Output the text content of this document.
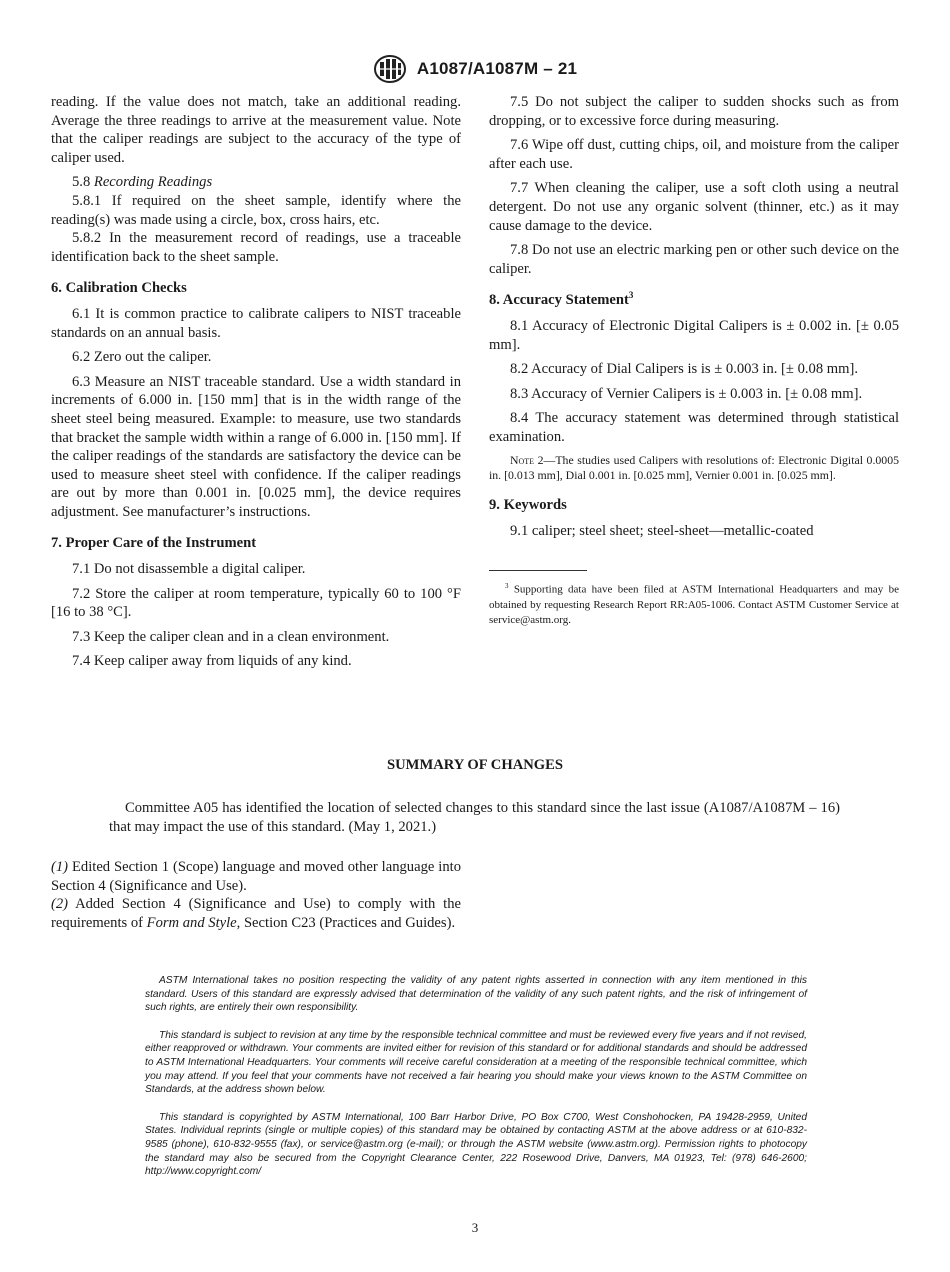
A1087/A1087M – 21

reading. If the value does not match, take an additional reading. Average the three readings to arrive at the measurement value. Note that the caliper readings are subject to the accuracy of the type of caliper used.

5.8 Recording Readings

5.8.1 If required on the sheet sample, identify where the reading(s) was made using a circle, box, cross hairs, etc.

5.8.2 In the measurement record of readings, use a traceable identification back to the sheet sample.

6. Calibration Checks

6.1 It is common practice to calibrate calipers to NIST traceable standards on an annual basis.

6.2 Zero out the caliper.

6.3 Measure an NIST traceable standard. Use a width standard in increments of 6.000 in. [150 mm] that is in the width range of the sheet steel being measured. Example: to measure, use two standards that bracket the sample width within a range of 6.000 in. [150 mm]. If the caliper readings of the standards are satisfactory the device can be used to measure sheet steel with confidence. If the caliper readings are out by more than 0.001 in. [0.025 mm], the device requires adjustment. See manufacturer’s instructions.

7. Proper Care of the Instrument

7.1 Do not disassemble a digital caliper.

7.2 Store the caliper at room temperature, typically 60 to 100 °F [16 to 38 °C].

7.3 Keep the caliper clean and in a clean environment.

7.4 Keep caliper away from liquids of any kind.

7.5 Do not subject the caliper to sudden shocks such as from dropping, or to excessive force during measuring.

7.6 Wipe off dust, cutting chips, oil, and moisture from the caliper after each use.

7.7 When cleaning the caliper, use a soft cloth using a neutral detergent. Do not use any organic solvent (thinner, etc.) as it may cause damage to the device.

7.8 Do not use an electric marking pen or other such device on the caliper.

8. Accuracy Statement$^3$

8.1 Accuracy of Electronic Digital Calipers is ± 0.002 in. [± 0.05 mm].

8.2 Accuracy of Dial Calipers is is ± 0.003 in. [± 0.08 mm].

8.3 Accuracy of Vernier Calipers is ± 0.003 in. [± 0.08 mm].

8.4 The accuracy statement was determined through statistical examination.

Note 2—The studies used Calipers with resolutions of: Electronic Digital 0.0005 in. [0.013 mm], Dial 0.001 in. [0.025 mm], Vernier 0.001 in. [0.025 mm].

9. Keywords

9.1 caliper; steel sheet; steel-sheet—metallic-coated

$^3$ Supporting data have been filed at ASTM International Headquarters and may be obtained by requesting Research Report RR:A05-1006. Contact ASTM Customer Service at service@astm.org.

SUMMARY OF CHANGES
Committee A05 has identified the location of selected changes to this standard since the last issue (A1087/A1087M – 16) that may impact the use of this standard. (May 1, 2021.)

(1) Edited Section 1 (Scope) language and moved other language into Section 4 (Significance and Use).

(2) Added Section 4 (Significance and Use) to comply with the requirements of Form and Style, Section C23 (Practices and Guides).

ASTM International takes no position respecting the validity of any patent rights asserted in connection with any item mentioned in this standard. Users of this standard are expressly advised that determination of the validity of any such patent rights, and the risk of infringement of such rights, are entirely their own responsibility.

This standard is subject to revision at any time by the responsible technical committee and must be reviewed every five years and if not revised, either reapproved or withdrawn. Your comments are invited either for revision of this standard or for additional standards and should be addressed to ASTM International Headquarters. Your comments will receive careful consideration at a meeting of the responsible technical committee, which you may attend. If you feel that your comments have not received a fair hearing you should make your views known to the ASTM Committee on Standards, at the address shown below.

This standard is copyrighted by ASTM International, 100 Barr Harbor Drive, PO Box C700, West Conshohocken, PA 19428-2959, United States. Individual reprints (single or multiple copies) of this standard may be obtained by contacting ASTM at the above address or at 610-832-9585 (phone), 610-832-9555 (fax), or service@astm.org (e-mail); or through the ASTM website (www.astm.org). Permission rights to photocopy the standard may also be secured from the Copyright Clearance Center, 222 Rosewood Drive, Danvers, MA 01923, Tel: (978) 646-2600; http://www.copyright.com/

3
